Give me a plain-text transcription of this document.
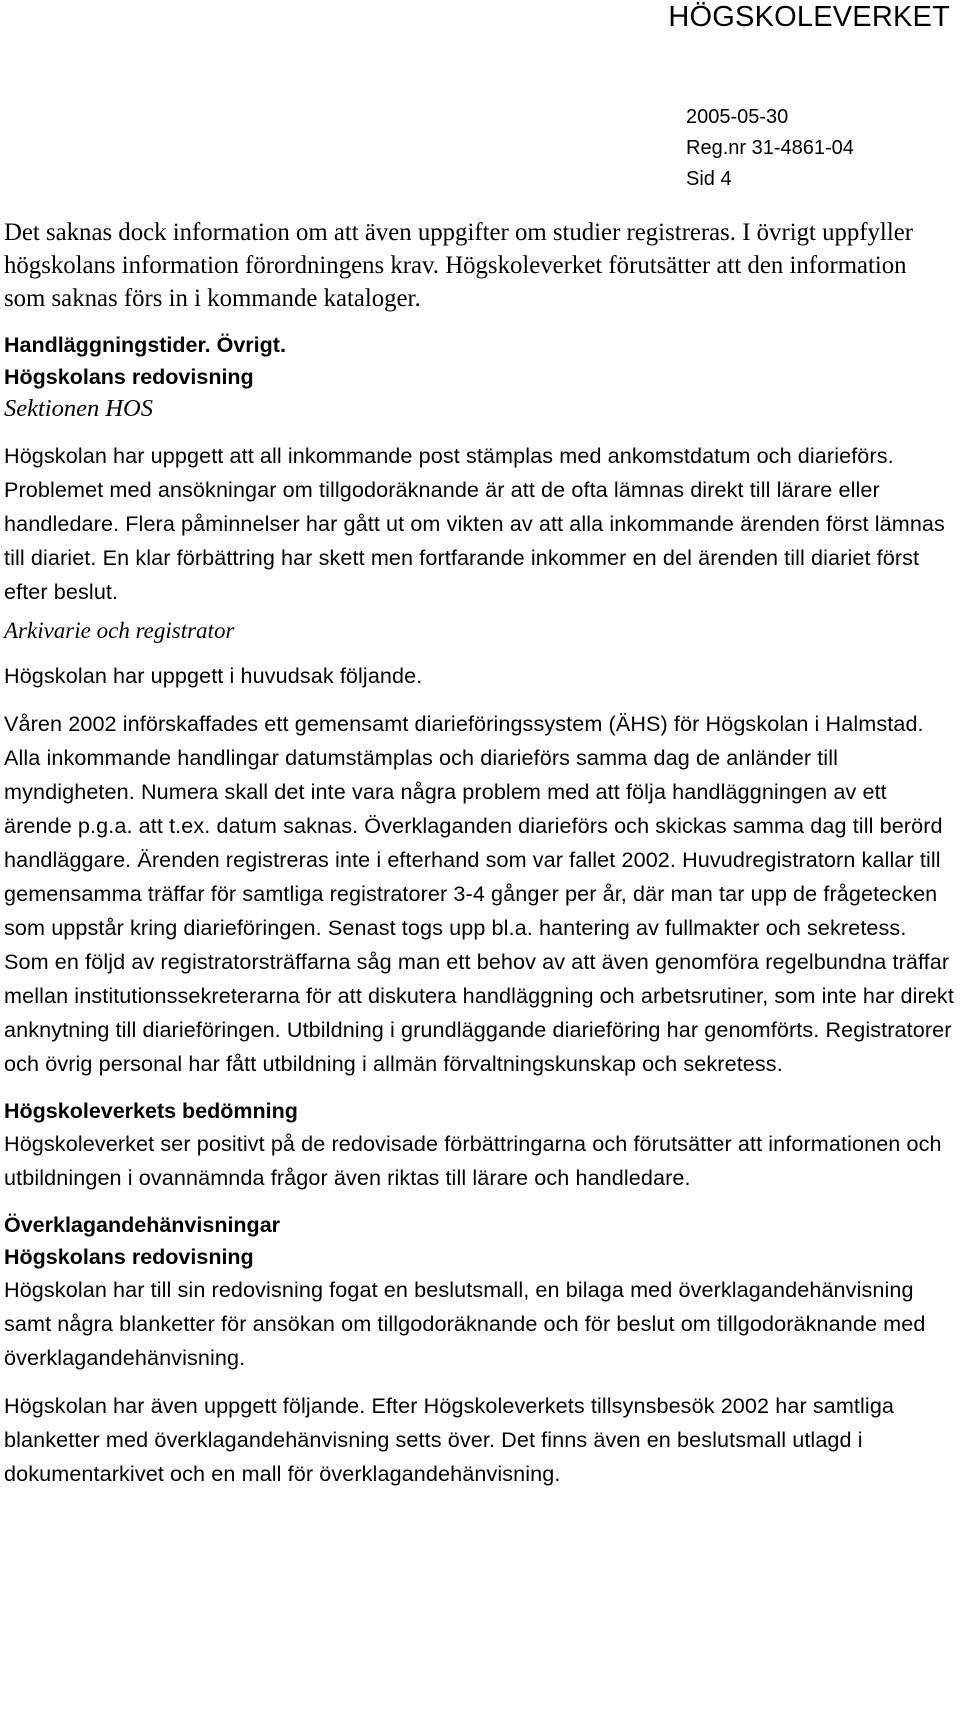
HÖGSKOLEVERKET
2005-05-30
Reg.nr 31-4861-04
Sid 4

Det saknas dock information om att även uppgifter om studier registreras. I övrigt uppfyller högskolans information förordningens krav. Högskoleverket förutsätter att den information som saknas förs in i kommande kataloger.

Handläggningstider. Övrigt.

Högskolans redovisning

Sektionen HOS

Högskolan har uppgett att all inkommande post stämplas med ankomstdatum och diarieförs. Problemet med ansökningar om tillgodoräknande är att de ofta lämnas direkt till lärare eller handledare. Flera påminnelser har gått ut om vikten av att alla inkommande ärenden först lämnas till diariet. En klar förbättring har skett men fortfarande inkommer en del ärenden till diariet först efter beslut.

Arkivarie och registrator

Högskolan har uppgett i huvudsak följande.

Våren 2002 införskaffades ett gemensamt diarieföringssystem (ÄHS) för Högskolan i Halmstad. Alla inkommande handlingar datumstämplas och diarieförs samma dag de anländer till myndigheten. Numera skall det inte vara några problem med att följa handläggningen av ett ärende p.g.a. att t.ex. datum saknas. Överklaganden diarieförs och skickas samma dag till berörd handläggare. Ärenden registreras inte i efterhand som var fallet 2002. Huvudregistratorn kallar till gemensamma träffar för samtliga registratorer 3-4 gånger per år, där man tar upp de frågetecken som uppstår kring diarieföringen. Senast togs upp bl.a. hantering av fullmakter och sekretess. Som en följd av registratorsträffarna såg man ett behov av att även genomföra regelbundna träffar mellan institutionssekreterarna för att diskutera handläggning och arbetsrutiner, som inte har direkt anknytning till diarieföringen. Utbildning i grundläggande diarieföring har genomförts. Registratorer och övrig personal har fått utbildning i allmän förvaltningskunskap och sekretess.

Högskoleverkets bedömning

Högskoleverket ser positivt på de redovisade förbättringarna och förutsätter att informationen och utbildningen i ovannämnda frågor även riktas till lärare och handledare.

Överklagandehänvisningar

Högskolans redovisning

Högskolan har till sin redovisning fogat en beslutsmall, en bilaga med överklagandehänvisning samt några blanketter för ansökan om tillgodoräknande och för beslut om tillgodoräknande med överklagandehänvisning.

Högskolan har även uppgett följande. Efter Högskoleverkets tillsynsbesök 2002 har samtliga blanketter med överklagandehänvisning setts över. Det finns även en beslutsmall utlagd i dokumentarkivet och en mall för överklagandehänvisning.
